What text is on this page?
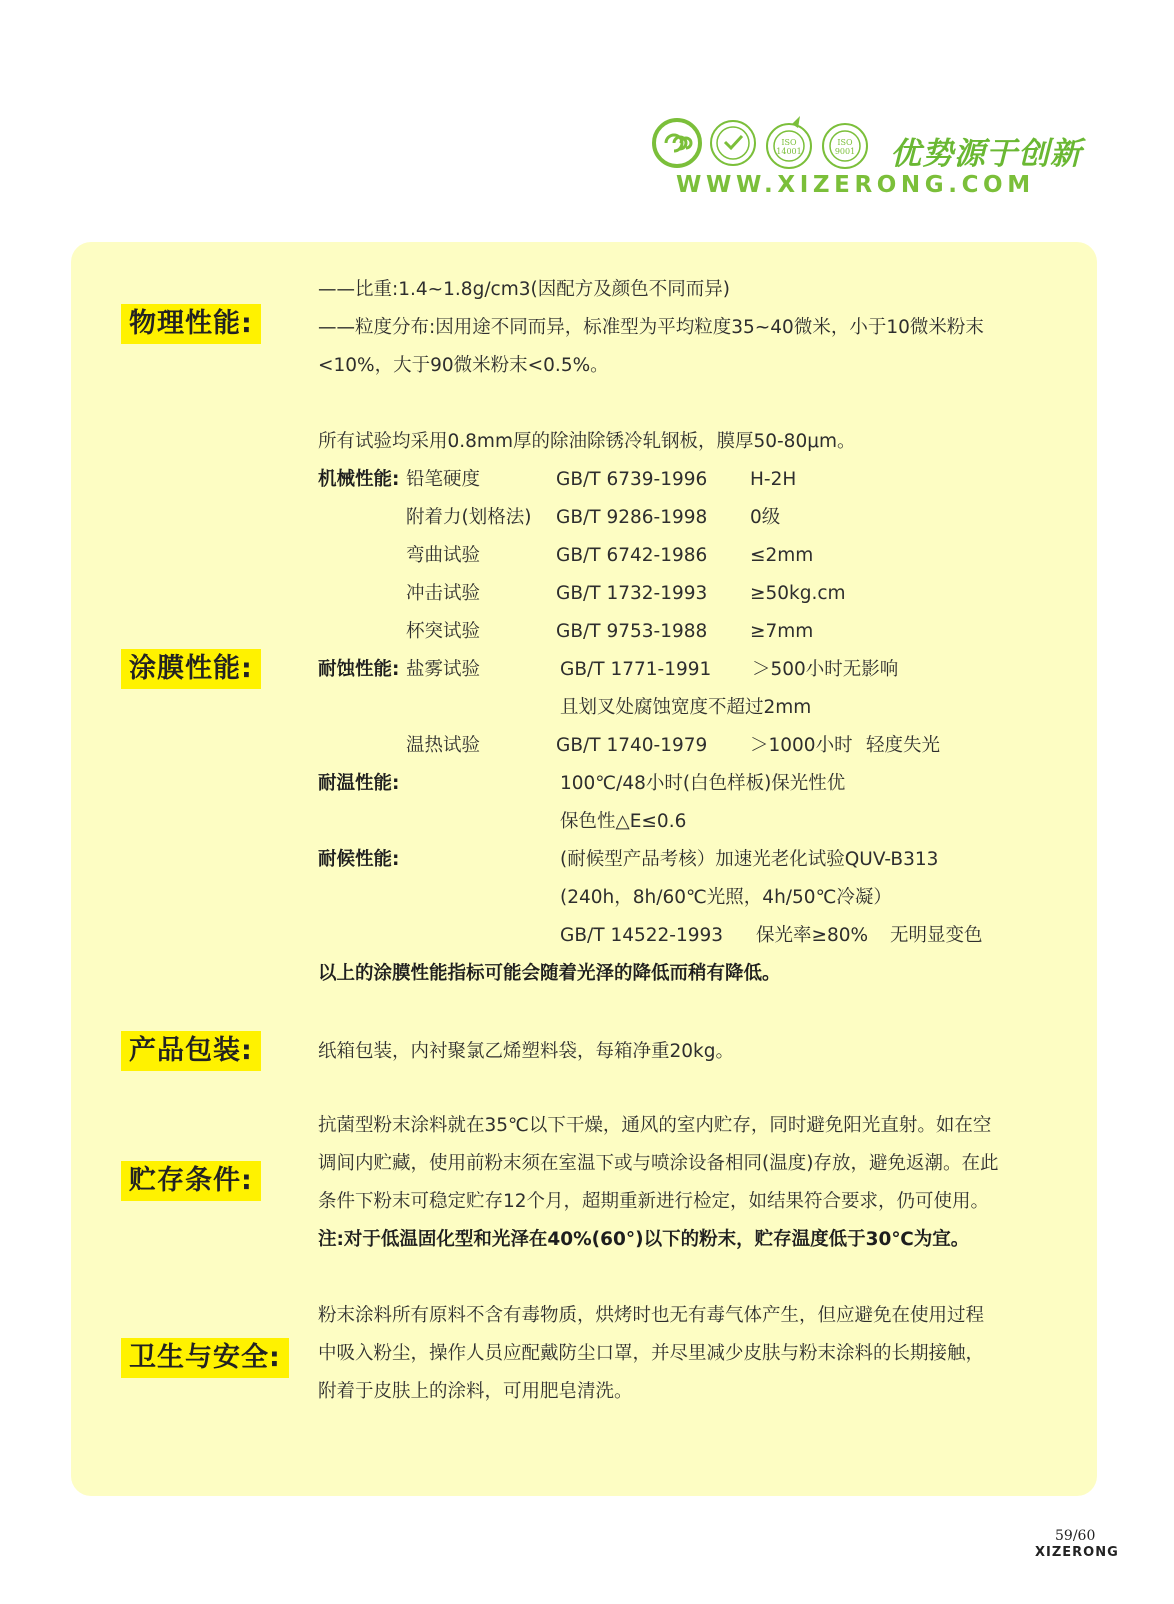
ISO
14001
ISO
9001 优势源于创新
WWW.XIZERONG.COM
物理性能:
——比重:1.4~1.8g/cm3(因配方及颜色不同而异)
——粒度分布:因用途不同而异，标准型为平均粒度35~40微米，小于10微米粉末
<10%，大于90微米粉末<0.5%。
涂膜性能:
所有试验均采用0.8mm厚的除油除锈冷轧钢板，膜厚50-80μm。
机械性能: 铅笔硬度	GB/T 6739-1996 H-2H
附着力(划格法) GB/T 9286-1998 0级
弯曲试验	GB/T 6742-1986 ≤2mm
冲击试验	GB/T 1732-1993 ≥50kg.cm
杯突试验	GB/T 9753-1988 ≥7mm
耐蚀性能: 盐雾试验	GB/T 1771-1991 ＞500小时无影响
且划叉处腐蚀宽度不超过2mm
温热试验	GB/T 1740-1979 ＞1000小时 轻度失光
耐温性能:	100℃/48小时(白色样板)保光性优
保色性△E≤0.6
耐候性能:	(耐候型产品考核）加速光老化试验QUV-B313
(240h，8h/60℃光照，4h/50℃冷凝）
GB/T 14522-1993 保光率≥80% 无明显变色
以上的涂膜性能指标可能会随着光泽的降低而稍有降低。
产品包装:	纸箱包装，内衬聚氯乙烯塑料袋，每箱净重20kg。
贮存条件:
抗菌型粉末涂料就在35℃以下干燥，通风的室内贮存，同时避免阳光直射。如在空
调间内贮藏，使用前粉末须在室温下或与喷涂设备相同(温度)存放，避免返潮。在此
条件下粉末可稳定贮存12个月，超期重新进行检定，如结果符合要求，仍可使用。
注:对于低温固化型和光泽在40%(60°)以下的粉末，贮存温度低于30℃为宜。
卫生与安全:
粉末涂料所有原料不含有毒物质，烘烤时也无有毒气体产生，但应避免在使用过程
中吸入粉尘，操作人员应配戴防尘口罩，并尽里减少皮肤与粉末涂料的长期接触，
附着于皮肤上的涂料，可用肥皂清洗。
59/60
XIZERONG
